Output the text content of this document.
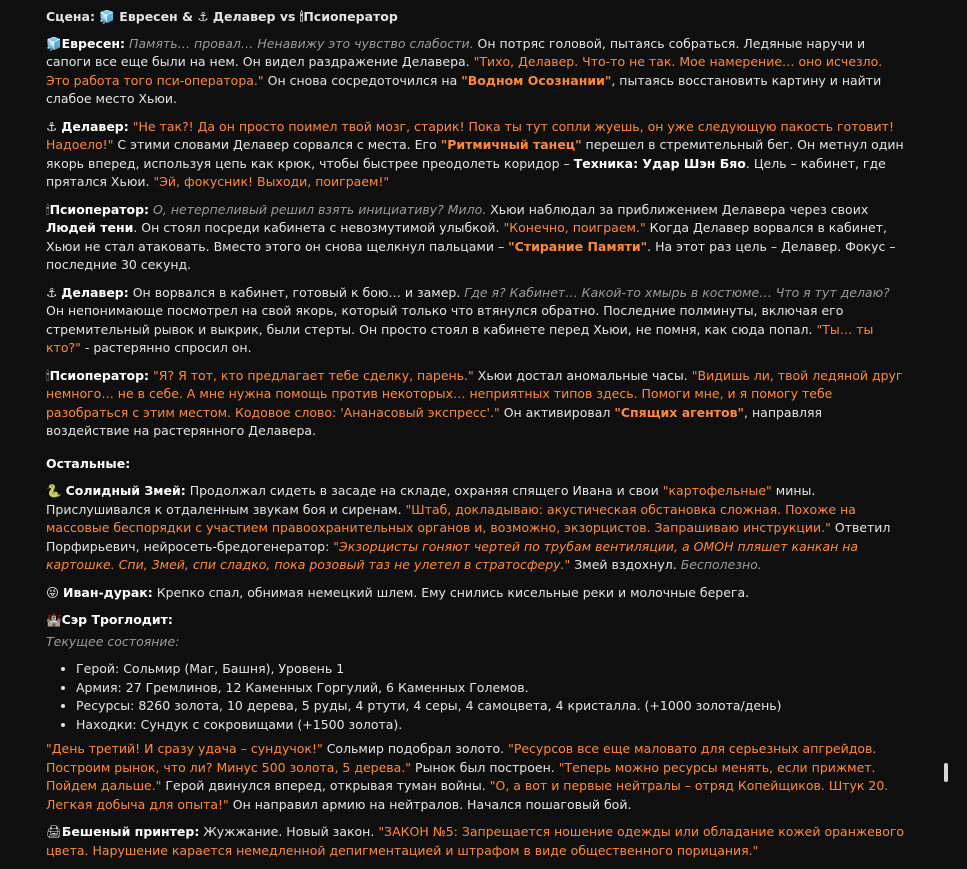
Сцена: 🧊 Евресен & ⚓ Делавер vs 🕯Псиоператор

🧊Евресен: Память… провал… Ненавижу это чувство слабости. Он потряс головой, пытаясь собраться. Ледяные наручи и сапоги все еще были на нем. Он видел раздражение Делавера. "Тихо, Делавер. Что-то не так. Мое намерение… оно исчезло. Это работа того пси-оператора." Он снова сосредоточился на "Водном Осознании", пытаясь восстановить картину и найти слабое место Хьюи.

⚓ Делавер: "Не так?! Да он просто поимел твой мозг, старик! Пока ты тут сопли жуешь, он уже следующую пакость готовит! Надоело!" С этими словами Делавер сорвался с места. Его "Ритмичный танец" перешел в стремительный бег. Он метнул один якорь вперед, используя цепь как крюк, чтобы быстрее преодолеть коридор – Техника: Удар Шэн Бяо. Цель – кабинет, где прятался Хьюи. "Эй, фокусник! Выходи, поиграем!"

🕯Псиоператор: О, нетерпеливый решил взять инициативу? Мило. Хьюи наблюдал за приближением Делавера через своих Людей тени. Он стоял посреди кабинета с невозмутимой улыбкой. "Конечно, поиграем." Когда Делавер ворвался в кабинет, Хьюи не стал атаковать. Вместо этого он снова щелкнул пальцами – "Стирание Памяти". На этот раз цель – Делавер. Фокус – последние 30 секунд.

⚓ Делавер: Он ворвался в кабинет, готовый к бою… и замер. Где я? Кабинет… Какой-то хмырь в костюме… Что я тут делаю? Он непонимающе посмотрел на свой якорь, который только что втянулся обратно. Последние полминуты, включая его стремительный рывок и выкрик, были стерты. Он просто стоял в кабинете перед Хьюи, не помня, как сюда попал. "Ты… ты кто?" - растерянно спросил он.

🕯Псиоператор: "Я? Я тот, кто предлагает тебе сделку, парень." Хьюи достал аномальные часы. "Видишь ли, твой ледяной друг немного… не в себе. А мне нужна помощь против некоторых… неприятных типов здесь. Помоги мне, и я помогу тебе разобраться с этим местом. Кодовое слово: 'Ананасовый экспресс'." Он активировал "Спящих агентов", направляя воздействие на растерянного Делавера.

Остальные:

🐍 Солидный Змей: Продолжал сидеть в засаде на складе, охраняя спящего Ивана и свои "картофельные" мины. Прислушивался к отдаленным звукам боя и сиренам. "Штаб, докладываю: акустическая обстановка сложная. Похоже на массовые беспорядки с участием правоохранительных органов и, возможно, экзорцистов. Запрашиваю инструкции." Ответил Порфирьевич, нейросеть-бредогенератор: "Экзорцисты гоняют чертей по трубам вентиляции, а ОМОН пляшет канкан на картошке. Спи, Змей, спи сладко, пока розовый таз не улетел в стратосферу." Змей вздохнул. Бесполезно.

😜 Иван-дурак: Крепко спал, обнимая немецкий шлем. Ему снились кисельные реки и молочные берега.

🏰Сэр Троглодит:

Текущее состояние:

• Герой: Сольмир (Маг, Башня), Уровень 1
• Армия: 27 Гремлинов, 12 Каменных Горгулий, 6 Каменных Големов.
• Ресурсы: 8260 золота, 10 дерева, 5 руды, 4 ртути, 4 серы, 4 самоцвета, 4 кристалла. (+1000 золота/день)
• Находки: Сундук с сокровищами (+1500 золота).

"День третий! И сразу удача – сундучок!" Сольмир подобрал золото. "Ресурсов все еще маловато для серьезных апгрейдов. Построим рынок, что ли? Минус 500 золота, 5 дерева." Рынок был построен. "Теперь можно ресурсы менять, если прижмет. Пойдем дальше." Герой двинулся вперед, открывая туман войны. "О, а вот и первые нейтралы – отряд Копейщиков. Штук 20. Легкая добыча для опыта!" Он направил армию на нейтралов. Начался пошаговый бой.

🖨Бешеный принтер: Жужжание. Новый закон. "ЗАКОН №5: Запрещается ношение одежды или обладание кожей оранжевого цвета. Нарушение карается немедленной депигментацией и штрафом в виде общественного порицания."
